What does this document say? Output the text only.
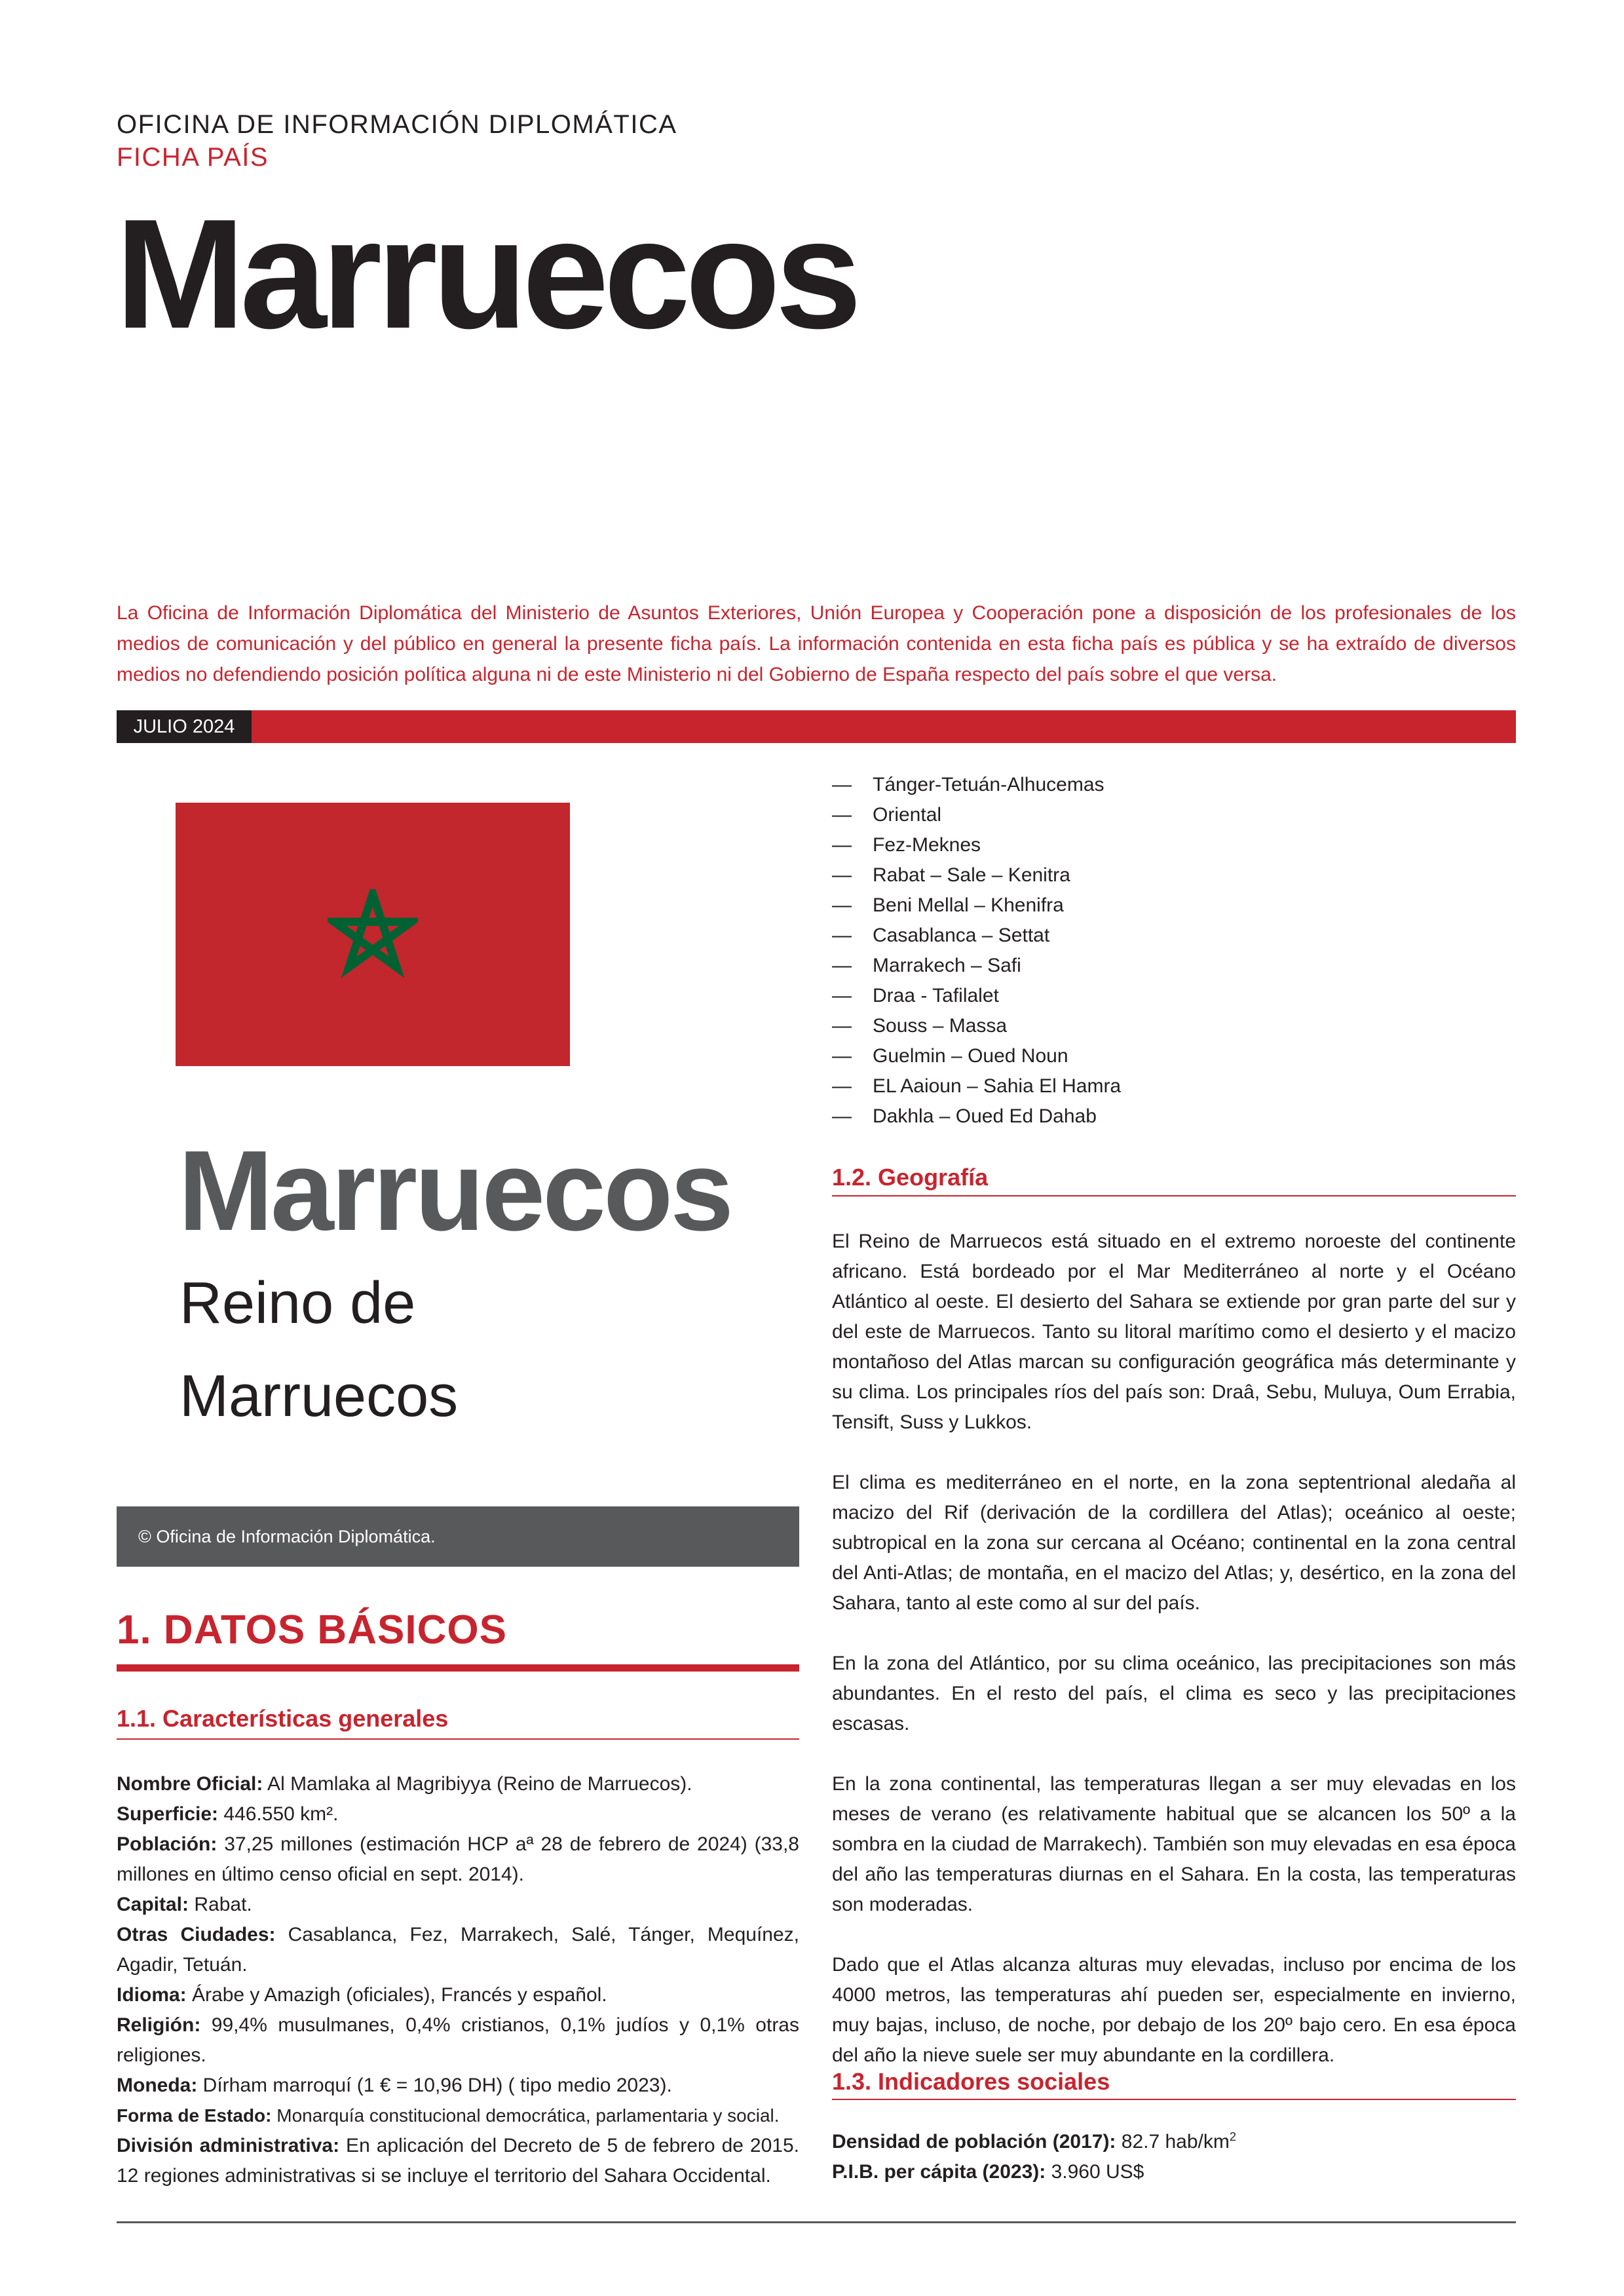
OFICINA DE INFORMACIÓN DIPLOMÁTICA
FICHA PAÍS
Marruecos
La Oficina de Información Diplomática del Ministerio de Asuntos Exteriores, Unión Europea y Cooperación pone a disposición de los profesionales de los medios de comunicación y del público en general la presente ficha país. La información contenida en esta ficha país es pública y se ha extraído de diversos medios no defendiendo posición política alguna ni de este Ministerio ni del Gobierno de España respecto del país sobre el que versa.
JULIO 2024
Marruecos
Reino de Marruecos
© Oficina de Información Diplomática.
1. DATOS BÁSICOS
1.1. Características generales

Nombre Oficial: Al Mamlaka al Magribiyya (Reino de Marruecos).

Superficie: 446.550 km².

Población: 37,25 millones (estimación HCP aª 28 de febrero de 2024) (33,8 millones en último censo oficial en sept. 2014).

Capital: Rabat.

Otras Ciudades: Casablanca, Fez, Marrakech, Salé, Tánger, Mequínez, Agadir, Tetuán.

Idioma: Árabe y Amazigh (oficiales), Francés y español.

Religión: 99,4% musulmanes, 0,4% cristianos, 0,1% judíos y 0,1% otras religiones.

Moneda: Dírham marroquí (1 € = 10,96 DH) ( tipo medio 2023).

Forma de Estado: Monarquía constitucional democrática, parlamentaria y social.

División administrativa: En aplicación del Decreto de 5 de febrero de 2015. 12 regiones administrativas si se incluye el territorio del Sahara Occidental.

— Tánger-Tetuán-Alhucemas
— Oriental
— Fez-Meknes
— Rabat – Sale – Kenitra
— Beni Mellal – Khenifra
— Casablanca – Settat
— Marrakech – Safi
— Draa - Tafilalet
— Souss – Massa
— Guelmin – Oued Noun
— EL Aaioun – Sahia El Hamra
— Dakhla – Oued Ed Dahab
1.2. Geografía

El Reino de Marruecos está situado en el extremo noroeste del continente africano. Está bordeado por el Mar Mediterráneo al norte y el Océano Atlántico al oeste. El desierto del Sahara se extiende por gran parte del sur y del este de Marruecos. Tanto su litoral marítimo como el desierto y el macizo montañoso del Atlas marcan su configuración geográfica más determinante y su clima. Los principales ríos del país son: Draâ, Sebu, Muluya, Oum Errabia, Tensift, Suss y Lukkos.

El clima es mediterráneo en el norte, en la zona septentrional aledaña al macizo del Rif (derivación de la cordillera del Atlas); oceánico al oeste; subtropical en la zona sur cercana al Océano; continental en la zona central del Anti-Atlas; de montaña, en el macizo del Atlas; y, desértico, en la zona del Sahara, tanto al este como al sur del país.

En la zona del Atlántico, por su clima oceánico, las precipitaciones son más abundantes. En el resto del país, el clima es seco y las precipitaciones escasas.

En la zona continental, las temperaturas llegan a ser muy elevadas en los meses de verano (es relativamente habitual que se alcancen los 50º a la sombra en la ciudad de Marrakech). También son muy elevadas en esa época del año las temperaturas diurnas en el Sahara. En la costa, las temperaturas son moderadas.

Dado que el Atlas alcanza alturas muy elevadas, incluso por encima de los 4000 metros, las temperaturas ahí pueden ser, especialmente en invierno, muy bajas, incluso, de noche, por debajo de los 20º bajo cero. En esa época del año la nieve suele ser muy abundante en la cordillera.

1.3. Indicadores sociales

Densidad de población (2017): 82.7 hab/$km^2$

P.I.B. per cápita (2023): 3.960 US$
